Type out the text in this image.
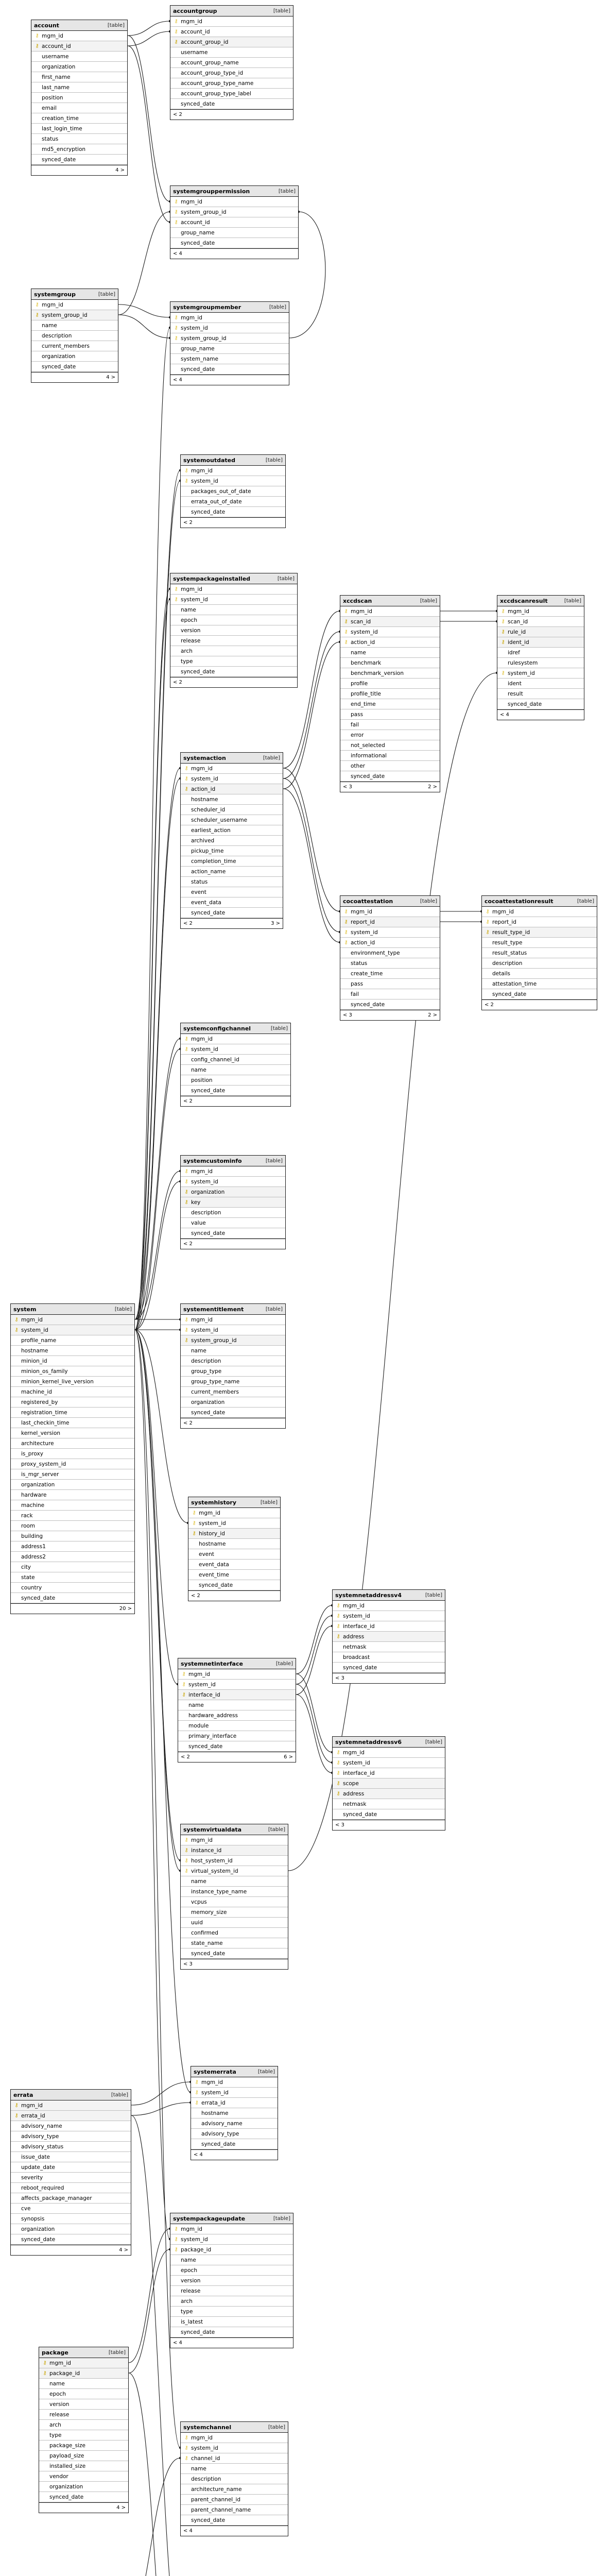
account	[table]
⚷ mgm_id
⚷ account_id
username
organization
first_name
last_name
position
email
creation_time
last_login_time
status
md5_encryption
synced_date
4 >
accountgroup	[table]
⚷ mgm_id
⚷ account_id
⚷ account_group_id
username
account_group_name
account_group_type_id
account_group_type_name
account_group_type_label
synced_date
< 2
systemgrouppermission	[table]
⚷ mgm_id
⚷ system_group_id
⚷ account_id
group_name
synced_date
< 4
systemgroup	[table]
⚷ mgm_id
⚷ system_group_id
name
description
current_members
organization
synced_date
4 >
systemgroupmember	[table]
⚷ mgm_id
⚷ system_id
⚷ system_group_id
group_name
system_name
synced_date
< 4
systemoutdated	[table]
⚷ mgm_id
⚷ system_id
packages_out_of_date
errata_out_of_date
synced_date
< 2
systempackageinstalled	[table]
⚷ mgm_id
⚷ system_id
name
epoch
version
release
arch
type
synced_date
< 2
xccdscan	[table]
⚷ mgm_id
⚷ scan_id
⚷ system_id
⚷ action_id
name
benchmark
benchmark_version
profile
profile_title
end_time
pass
fail
error
not_selected
informational
other
synced_date
< 3	2 >
xccdscanresult	[table]
⚷ mgm_id
⚷ scan_id
⚷ rule_id
⚷ ident_id
idref
rulesystem
⚷ system_id
ident
result
synced_date
< 4
systemaction	[table]
⚷ mgm_id
⚷ system_id
⚷ action_id
hostname
scheduler_id
scheduler_username
earliest_action
archived
pickup_time
completion_time
action_name
status
event
event_data
synced_date
< 2	3 >
cocoattestation	[table]
⚷ mgm_id
⚷ report_id
⚷ system_id
⚷ action_id
environment_type
status
create_time
pass
fail
synced_date
< 3	2 >
cocoattestationresult	[table]
⚷ mgm_id
⚷ report_id
⚷ result_type_id
result_type
result_status
description
details
attestation_time
synced_date
< 2
systemconfigchannel	[table]
⚷ mgm_id
⚷ system_id
config_channel_id
name
position
synced_date
< 2
systemcustominfo	[table]
⚷ mgm_id
⚷ system_id
⚷ organization
⚷ key
description
value
synced_date
< 2
system	[table]
⚷ mgm_id
⚷ system_id
profile_name
hostname
minion_id
minion_os_family
minion_kernel_live_version
machine_id
registered_by
registration_time
last_checkin_time
kernel_version
architecture
is_proxy
proxy_system_id
is_mgr_server
organization
hardware
machine
rack
room
building
address1
address2
city
state
country
synced_date
20 >
systementitlement	[table]
⚷ mgm_id
⚷ system_id
⚷ system_group_id
name
description
group_type
group_type_name
current_members
organization
synced_date
< 2
systemhistory	[table]
⚷ mgm_id
⚷ system_id
⚷ history_id
hostname
event
event_data
event_time
synced_date
< 2	systemnetaddressv4	[table]
⚷ mgm_id
⚷ system_id
⚷ interface_id
⚷ address
netmask
broadcast
synced_date
< 3
systemnetinterface	[table]
⚷ mgm_id
⚷ system_id
⚷ interface_id
name
hardware_address
module
primary_interface
synced_date
< 2	6 >
systemnetaddressv6	[table]
⚷ mgm_id
⚷ system_id
⚷ interface_id
⚷ scope
⚷ address
netmask
synced_date
< 3
systemvirtualdata	[table]
⚷ mgm_id
⚷ instance_id
⚷ host_system_id
⚷ virtual_system_id
name
instance_type_name
vcpus
memory_size
uuid
confirmed
state_name
synced_date
< 3
errata	[table]
⚷ mgm_id
⚷ errata_id
advisory_name
advisory_type
advisory_status
issue_date
update_date
severity
reboot_required
affects_package_manager
cve
synopsis
organization
synced_date
4 >
systemerrata	[table]
⚷ mgm_id
⚷ system_id
⚷ errata_id
hostname
advisory_name
advisory_type
synced_date
< 4
systempackageupdate	[table]
⚷ mgm_id
⚷ system_id
⚷ package_id
name
epoch
version
release
arch
type
is_latest
synced_date
< 4
package	[table]
⚷ mgm_id
⚷ package_id
name
epoch
version
release
arch
type
package_size
payload_size
installed_size
vendor
organization
synced_date
4 >
systemchannel	[table]
⚷ mgm_id
⚷ system_id
⚷ channel_id
name
description
architecture_name
parent_channel_id
parent_channel_name
synced_date
< 4
